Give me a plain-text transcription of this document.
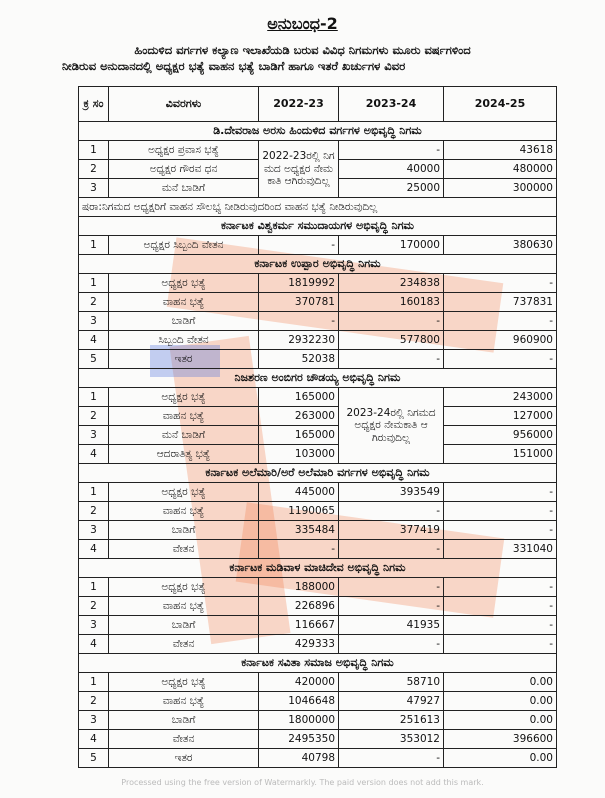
ಅನುಬಂಧ-2
ಹಿಂದುಳಿದ ವರ್ಗಗಳ ಕಲ್ಯಾಣ ಇಲಾಖೆಯಡಿ ಬರುವ ವಿವಿಧ ನಿಗಮಗಳು ಮೂರು ವರ್ಷಗಳಿಂದ
ನೀಡಿರುವ ಅನುದಾನದಲ್ಲಿ ಅಧ್ಯಕ್ಷರ ಭತ್ಯೆ ವಾಹನ ಭತ್ಯೆ ಬಾಡಿಗೆ ಹಾಗೂ ಇತರೆ ಖರ್ಚುಗಳ ವಿವರ
ಕ್ರ ಸಂ	ವಿವರಗಳು	2022-23	2023-24	2024-25
ಡಿ.ದೇವರಾಜ ಅರಸು ಹಿಂದುಳಿದ ವರ್ಗಗಳ ಅಭಿವೃದ್ಧಿ ನಿಗಮ				
1	ಅಧ್ಯಕ್ಷರ ಪ್ರವಾಸ ಭತ್ಯೆ	2022-23ರಲ್ಲಿ ನಿಗಮದ ಅಧ್ಯಕ್ಷರ ನೇಮಕಾತಿ ಆಗಿರುವುದಿಲ್ಲ	-	43618
2	ಅಧ್ಯಕ್ಷರ ಗೌರವ ಧನ		40000	480000
3	ಮನೆ ಬಾಡಿಗೆ		25000	300000
ಷರಾ:ನಿಗಮದ ಅಧ್ಯಕ್ಷರಿಗೆ ವಾಹನ ಸೌಲಭ್ಯ ನೀಡಿರುವುದರಿಂದ ವಾಹನ ಭತ್ಯೆ ನೀಡಿರುವುದಿಲ್ಲ				
ಕರ್ನಾಟಕ ವಿಶ್ವಕರ್ಮ ಸಮುದಾಯಗಳ ಅಭಿವೃದ್ಧಿ ನಿಗಮ				
1	ಅಧ್ಯಕ್ಷರ ಸಿಬ್ಬಂದಿ ವೇತನ	-	170000	380630
ಕರ್ನಾಟಕ ಉಪ್ಪಾರ ಅಭಿವೃದ್ಧಿ ನಿಗಮ				
1	ಅಧ್ಯಕ್ಷರ ಭತ್ಯೆ	1819992	234838	-
2	ವಾಹನ ಭತ್ಯೆ	370781	160183	737831
3	ಬಾಡಿಗೆ	-	-	-
4	ಸಿಬ್ಬಂದಿ ವೇತನ	2932230	577800	960900
5	ಇತರ	52038	-	-
ನಿಜಶರಣ ಅಂಬಿಗರ ಚೌಡಯ್ಯ ಅಭಿವೃದ್ಧಿ ನಿಗಮ				
1	ಅಧ್ಯಕ್ಷರ ಭತ್ಯೆ	165000	2023-24ರಲ್ಲಿ ನಿಗಮದ ಅಧ್ಯಕ್ಷರ ನೇಮಕಾತಿ ಆಗಿರುವುದಿಲ್ಲ	243000
2	ವಾಹನ ಭತ್ಯೆ	263000		127000
3	ಮನೆ ಬಾಡಿಗೆ	165000		956000
4	ಆದರಾತಿತ್ಯ ಭತ್ಯೆ	103000		151000
ಕರ್ನಾಟಕ ಅಲೆಮಾರಿ/ಅರೆ ಅಲೆಮಾರಿ ವರ್ಗಗಳ ಅಭಿವೃದ್ಧಿ ನಿಗಮ				
1	ಅಧ್ಯಕ್ಷರ ಭತ್ಯೆ	445000	393549	-
2	ವಾಹನ ಭತ್ಯೆ	1190065	-	-
3	ಬಾಡಿಗೆ	335484	377419	-
4	ವೇತನ	-	-	331040
ಕರ್ನಾಟಕ ಮಡಿವಾಳ ಮಾಚಿದೇವ ಅಭಿವೃದ್ಧಿ ನಿಗಮ				
1	ಅಧ್ಯಕ್ಷರ ಭತ್ಯೆ	188000	-	-
2	ವಾಹನ ಭತ್ಯೆ	226896	-	-
3	ಬಾಡಿಗೆ	116667	41935	-
4	ವೇತನ	429333	-	-
ಕರ್ನಾಟಕ ಸವಿತಾ ಸಮಾಜ ಅಭಿವೃದ್ಧಿ ನಿಗಮ				
1	ಅಧ್ಯಕ್ಷರ ಭತ್ಯೆ	420000	58710	0.00
2	ವಾಹನ ಭತ್ಯೆ	1046648	47927	0.00
3	ಬಾಡಿಗೆ	1800000	251613	0.00
4	ವೇತನ	2495350	353012	396600
5	ಇತರ	40798	-	0.00
Processed using the free version of Watermarkly. The paid version does not add this mark.
